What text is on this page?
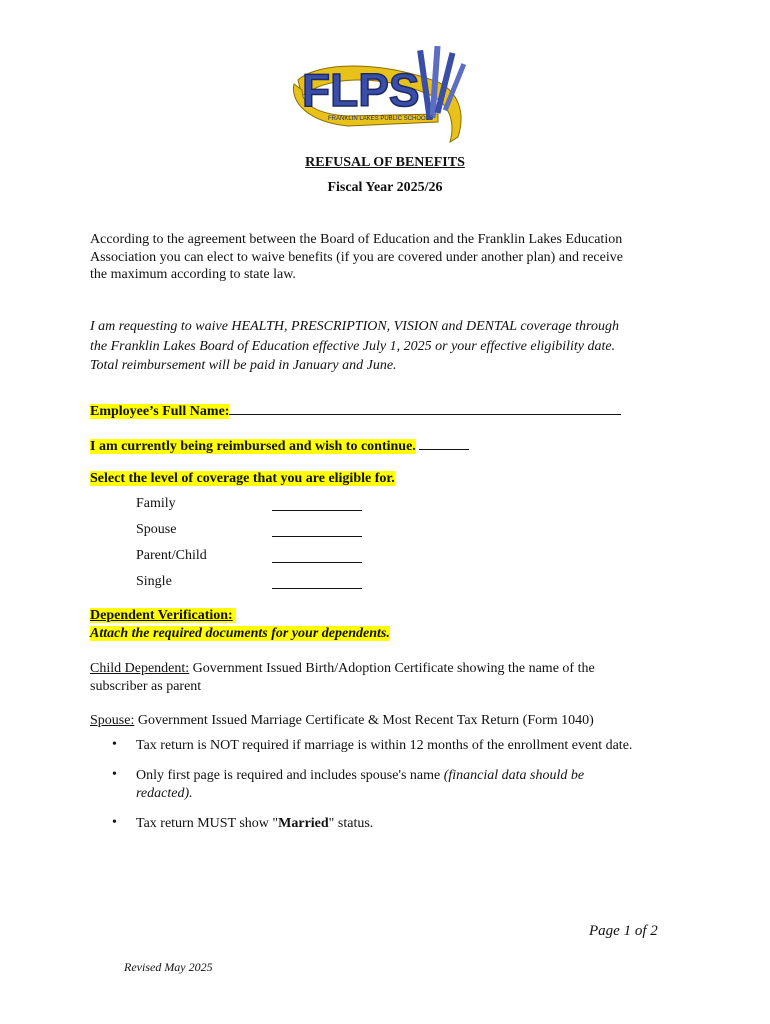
FLPS
FRANKLIN LAKES PUBLIC SCHOOLS
REFUSAL OF BENEFITS
Fiscal Year 2025/26
According to the agreement between the Board of Education and the Franklin Lakes Education
Association you can elect to waive benefits (if you are covered under another plan) and receive
the maximum according to state law.
I am requesting to waive HEALTH, PRESCRIPTION, VISION and DENTAL coverage through
the Franklin Lakes Board of Education effective July 1, 2025 or your effective eligibility date.
Total reimbursement will be paid in January and June.
Employee’s Full Name:
I am currently being reimbursed and wish to continue.
Select the level of coverage that you are eligible for.
Family
Spouse
Parent/Child
Single
Dependent Verification:
Attach the required documents for your dependents.
Child Dependent: Government Issued Birth/Adoption Certificate showing the name of the
subscriber as parent
Spouse: Government Issued Marriage Certificate & Most Recent Tax Return (Form 1040)
• Tax return is NOT required if marriage is within 12 months of the enrollment event date.
• Only first page is required and includes spouse's name (financial data should be
redacted).
• Tax return MUST show "Married" status.
Page 1 of 2
Revised May 2025
